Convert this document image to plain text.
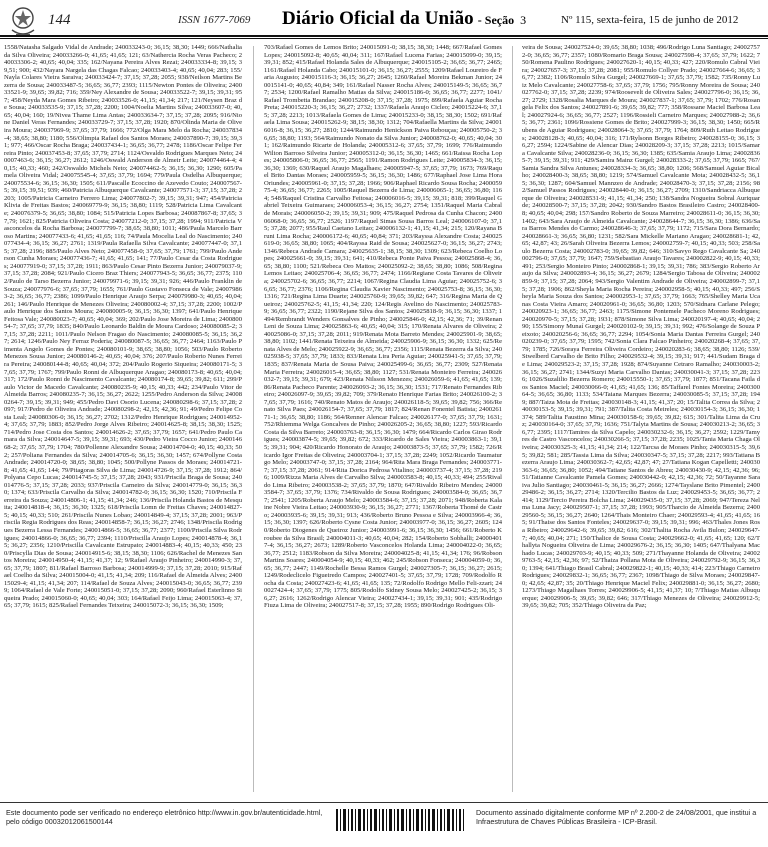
144	ISSN 1677-7069 Diário Oficial da União - Seção 3	Nº 115, sexta-feira, 15 de junho de 2012
1558/Natasha Salgado Vidal de Andrade; 240033243-0; 36,15; 38,30; 1449; 666/Nathalia da Silva Oliveira; 240033266-0; 41,65; 41,65; 121; 63/Nathercia Rocha Veras Pacheco; 240033306-2; 40,65; 40,04; 335; 162/Nayana Pereira Alves Rezai; 240033334-8; 39,15; 39,51; 900; 432/Nayara Nargela das Chagas Falcao; 240033403-4; 40,65; 40,04; 283; 155/Nayla Colares Vieira Saraiva; 240033424-7; 37,15; 37,28; 2055; 938/Neilson Martins Bezerra de Sousa; 240033487-5; 36,65; 36,77; 2393; 1115/Newton Pontes de Oliveira; 240033521-9; 39,65; 39,82; 716; 359/Ney Alexandre de Sousa; 240033522-7; 39,15; 39,31; 957; 458/Neyda Mara Gomes Ribeiro; 240033526-0; 41,15; 41,34; 217; 121/Neysen Braz de Sousa; 240033535-9; 37,15; 37,28; 2200; 1004/Noelia Martins Silva; 240033607-0; 40,65; 40,04; 160; 19/Nivea Thame Lima Antas; 240033634-7; 37,15; 37,28; 2095; 916/Nione Daniel Veras Fernandes; 240033729-7; 37,15; 37,28; 1920; 870/Olinda Maria de Oliveira Moura; 240037969-9; 37,65; 37,79; 1666; 772/Olga Mara Melo da Rocha; 240037834-4; 38,65; 38,80; 1180; 556/Olimpia Rafael dos Santos Moraes; 240037890-7; 39,15; 39,31; 977; 466/Oscar Rocha Braga; 240037434-1; 36,65; 36,77; 2478; 1186/Oscar Felipe Ferreira Pinto; 240037453-8; 37,65; 37,79; 2714; 1124/Osvaldo Rodrigues Marques Neto; 240007463-6; 36,15; 36,27; 2612; 1246/Oswald Anderson de Almeir Leite; 240074464-4; 40,15; 40,33; 460; 242/Oswaldo Michels Neto; 240074462-5; 36,15; 36,30; 1290; 605/Pamela Oliveira Vidal; 240075545-4; 37,65; 37,79; 1694; 779/Paula Osdelha Albuquerque; 240075534-6; 36,15; 36,30; 1505; 611/Pascalle Ecoccino de Azevedo Couto; 240007567-5; 39,15; 39,51; 939; 460/Patricia Albuquerque Cavalcante; 240077571-3; 37,15; 37,28; 2203; 1005/Patricia Carneiro Ferrero Lima; 240077802-7; 39,15; 39,31; 947; 454/Patricia Klivia de Freitas Bastos; 240069779-9; 36,15; 38,80; 1119; 528/Patricia Lima Cavalcante; 240076379-5; 36,65; 38,80; 1084; 515/Patricia Lopes Barbosa; 240087867-8; 37,65; 37,79; 1621; 825/Patricia Oliveira Costa; 240077212-0; 37,15; 37,28; 1994; 911/Patricia Vasconcelos da Rocha Barbosa; 240077799-7; 38,65; 38,80; 1011; 486/Paula Marcelo Barroso Martins; 240077433-6; 41,65; 41,65; 116; 74/Paula Mocelia Leal do Nascimento; 240077434-4; 36,15; 36,27; 2761; 1319/Paula Rafaella Silva Cavalcante; 240077447-0; 37,15; 37,28; 2196; 885/Paulo Alves Neto; 240077458-0; 37,65; 37,79; 1761; 799/Paulo Anderson Cunha Moraes; 240077436-7; 41,65; 41,65; 141; 77/Paulo Cesar da Costa Rodrigues; 240077919-0; 37,15; 37,28; 1911; 863/Paulo Cesar Pinto Bezerra Junior; 240079037-9; 37,15; 37,28; 2084; 921/Paulo Cicero Braz Thiers; 240077943-5; 36,65; 36,77; 2375; 1102/Paulo de Tarso Bezerra Junior; 240079971-6; 39,15; 39,31; 926; 446/Paulo Franklin de Souza; 240077976-6; 37,65; 37,79; 1655; 761/Paulo Gustavo Fonseca de Vale; 240079863-2; 36,65; 36,77; 2386; 1099/Paulo Henrique Araujo Serpa; 240079980-3; 40,65; 40,04; 261; 146/Paulo Henrique de Menezes Oliveira; 240080002-4; 37,15; 37,28; 2200; 1002/Paulo Henrique dos Santos Moura; 240080005-9; 36,15; 36,30; 1397; 641/Paulo Henrique Feitosa Vale; 240080023-7; 40,65; 40,04; 369; 202/Paulo Jose Moreira de Lima; 240080054-7; 37,65; 37,79; 1835; 840/Paulo Leonardo Baldin de Moura Cardoso; 240080085-2; 37,15; 37,28; 2211; 1011/Paulo Nelson Fragao do Nascimento; 240080085-5; 36,15; 36,27; 2614; 1246/Paulo Ney Ferraz Poderia; 240080087-5; 36,65; 36,77; 2464; 1163/Paulo Pimenta Angelo Gomes de Pontes; 240080101-9; 38,65; 38,80; 1056; 503/Paulo Roberto Menezes Sousa Junior; 240080146-2; 40,65; 40,04; 376; 207/Paulo Roberto Nunes Ferreira Pereira; 240080144-8; 40,65; 40,04; 372; 204/Paulo Rogerio Siqueira; 240080171-5; 37,65; 37,79; 1767; 799/Paulo Ronni de Albuquerque Aragao; 240080173-8; 40,65; 40,04; 317; 172/Paulo Ronni de Nascimento Cavalcante; 240080174-8; 39,65; 39,82; 611; 299/Paulo Victor de Macedo Cavalcante; 240080235-9; 40,15; 40,33; 442; 234/Paulo Vitor de Almeida Barros; 240080235-7; 36,15; 36,27; 2622; 1255/Pedro Anderson da Silva; 240080264-7; 39,15; 39,31; 949; 455/Pedro Davi Osorio Lucena; 240080298-6; 37,15; 37,28; 2097; 917/Pedro de Oliveira Andrade; 240080298-2; 42,15; 42,36; 91; 49/Pedro Felipe Costa Leal; 240080306-0; 36,15; 36,27; 2702; 1312/Pedro Henrique Rodrigues; 240014952-4; 37,65; 37,79; 1883; 852/Pedro Jorge Alves Ribeiro; 240014625-8; 38,15; 38,30; 1525; 714/Pedro Jose Costa dos Santos; 240014626-2; 37,65; 37,79; 1657; 641/Pedro Paulo Camara da Silva; 240014647-5; 39,15; 39,31; 693; 430/Pedro Vieira Cocco Junior; 240014668-2; 37,65; 37,79; 1704; 780/Pollenne Alexandre Sousa; 240014704-0; 40,15; 40,33; 502; 257/Poliana Fernandes da Silva; 240014705-6; 36,15; 36,30; 1457; 674/Pollyne Costa Andrade; 240014720-0; 38,65; 38,80; 1045; 500/Pollyne Passos de Moraes; 240014721-8; 41,65; 41,65; 144; 79/Pitagoras Silva de Lima; 240014726-9; 37,15; 37,28; 1912; 864/Polyana Cepo Lucas; 240014745-5; 37,15; 37,28; 2043; 931/Priscila Braga de Sousa; 240014776-5; 37,15; 37,28; 2033; 937/Priscila Carneiro da Silva; 240014779-0; 36,15; 36,30; 1374; 633/Priscila Carvalho da Silva; 240014782-0; 36,15; 36,30; 1520; 710/Priscila Ferreira da Souza; 240014806-1; 41,15; 41,34; 246; 136/Priscila Holanda Bastos de Mesquita; 240014818-4; 36,15; 36,30; 1325; 618/Priscila Lomn de Freitas Chaves; 240014827-5; 40,15; 40,33; 510; 261/Priscila Nunes Lobao; 240014849-4; 37,15; 37,28; 2001; 963/Priscila Regia Rodrigues dos Reas; 240014858-7; 36,15; 36,27; 2746; 1348/Priscila Rodrigues Bezerra Lessa Fernandes; 240014866-5; 36,65; 36,77; 2377; 1100/Priscila Silva Rodrigues; 240014866-0; 36,65; 36,77; 2394; 1110/Priscilla Araujo Lopes; 240014878-4; 36,15; 36,27; 2356; 1210/Priscilla Cavalcante Estrupato; 240014883-4; 40,15; 40,33; 450; 230/Priscylla Dias de Sousa; 240014915-6; 38,15; 38,30; 1106; 626/Rachel de Menezes Santos Moreira; 240014950-4; 41,15; 41,37; 12; 9/Rafael Araujo Pinheiro; 240014990-3; 37,65; 37,79; 1807; 811/Rafael Barroso Barbosa; 240014999-9; 37,15; 37,28; 2010; 915/Rafael Coelho da Silva; 240015004-0; 41,15; 41,34; 209; 116/Rafael de Almeida Alves; 240015029-4; 41,15; 41,34; 207; 114/Rafael de Souza Alves; 240015043-0; 36,65; 36,77; 2399; 1064/Rafael de Vale Forte; 240015051-0; 37,15; 37,28; 2090; 960/Rafael Esterlinno Siqueira Prado; 240015060-0; 40,65; 40,04; 303; 164/Rafael Feijo Lima; 240015063-4; 37,65; 37,79; 1615; 825/Rafael Fernandes Teixeira; 240015072-3; 36,15; 36,30; 1509;
703/Rafael Gomes de Lemos Brito; 240015091-0; 38,15; 38,30; 1448; 667/Rafael Gomes Lopes; 240015092-8; 40,65; 40,04; 311; 167/Rafael Lucena Farias; 240015099-0; 39,15; 39,31; 852; 415/Rafael Holanda Sales de Albuquerque; 240015105-2; 36,65; 36,77; 2465; 1161/Rafael Holanda Cabo; 240015101-0; 36,15; 36,27; 2555; 1209/Rafael Loureiro de Faria Augusto; 240015116-3; 36,15; 36,27; 2645; 1260/Rafael Moreira Bekman Junior; 240015141-0; 40,65; 40,84; 349; 161/Rafael Nasser Rocha Alves; 240015149-5; 36,65; 36,77; 2534; 1200/Rafael Ramalho Matias da Silva; 240015186-0; 36,65; 36,77; 2277; 1041/Rafael Trombetta Brandao; 240015208-0; 37,15; 37,28; 1975; 899/Rafaela Aguiar Rocha Preta; 240015220-3; 36,15; 36,27; 2732; 1337/Rafaela Araujo Cicleo; 240015224-6; 37,15; 37,28; 2213; 1013/Rafaela Gomes de Lima; 240015233-0; 38,15; 38,30; 1502; 691/Rafaela Lima Sousa; 240015262-9; 38,15; 38,30; 1312; 704/Rafaella Martins da Silva; 240016016-8; 36,15; 36,27; 2810; 1244/Raimundo Henickson Paiva Rebouças; 240005750-2; 36,65; 38,80; 1193; 564/Raimundo Nonato da Silva Junior; 240008762-0; 40,65; 40,04; 301; 162/Raimundo Ricarte de Holanda; 240005312-6; 37,65; 37,79; 1699; 776/Raimundo Wilton Barroso Silveira Junior; 240005312-0; 36,15; 36,30; 1465; 661/Raissa Rocha Lopes; 240005806-0; 36,65; 36,77; 2565; 1191/Ramon Rodrigues Leite; 240005834-3; 36,15; 36,30; 1369; 630/Raquel Araujo Magalhaes; 240005947-5; 37,65; 37,79; 1673; 769/Raquel Brito Dantas Moraes; 240005959-5; 36,15; 36,30; 1486; 677/Raphael Jose Lima Hora Oriundes; 240005961-0; 37,15; 37,28; 1966; 906/Raphael Ricardo Sousa Rocha; 240005975-4; 36,65; 36,77; 2265; 1005/Raquel Bezerra de Lima; 240006065-1; 36,65; 36,80; 1164; 548/Raquel Cristina Carvalho Feitosa; 240006016-5; 39,15; 39,31; 818; 399/Raquel Gabriel Teixeira Guimaraes; 240006053-4; 36,15; 36,27; 2754; 1351/Raquel Maria Cabral de Morais; 240006050-2; 39,15; 39,31; 909; 475/Raquel Pedrosa da Cunha Chacon; 240006068-0; 36,65; 36,77; 2526; 1197/Raquel Simas Sousa Barros Leal; 240006107-0; 37,15; 37,28; 2077; 955/Raul Caetano Leitao; 240006132-1; 41,15; 41,34; 215; 120/Rayana Bruni Lima Rocha; 240006172-6; 40,65; 40,84; 371; 203/Rayssa Alexandre Costa; 240025619-0; 36,65; 38,80; 1065; 404/Rayssa Raid de Sousa; 240025627-0; 36,15; 36,27; 2743; 1346/Rebeca Andrade Camara; 240025635-1; 38,15; 38,30; 1309; 623/Rebeca Coelho Lopes; 240025661-0; 39,15; 39,31; 641; 410/Rebeca Ponte Paiva Pessoa; 240025868-4; 36,65; 38,80; 1100; 521/Rebeca Oro Mattos; 240025092-2; 38,65; 38,80; 1086; 508/Regina Lemos Leitao; 240025706-4; 36,65; 36,77; 2474; 1166/Regiane Costa Tavares de Oliveira; 240025702-6; 36,65; 36,77; 2214; 1067/Regina Claudia Lima Aguiar; 240025752-6; 36,65; 36,77; 2376; 1106/Regina Claudia Xavier Nascimento; 240025753-8; 36,15; 36,30; 1316; 721/Regina Lima Duarte; 240025760-9; 39,65; 39,82; 647; 316/Regina Maria de Queiroz; 240025762-5; 41,15; 41,34; 220; 124/Regis Avelino do Nascimento; 240025783-9; 36,65; 36,77; 2322; 1190/Rejane Silva dos Santos; 240025818-9; 36,15; 36,30; 1337; 1494/Rembrandt Wenders Gonsalves de Pinho; 240025846-0; 42,15; 42,36; 71; 39/Renan Leni de Souza Lima; 240025863-6; 40,65; 40,04; 315; 170/Renata Alvares de Oliveira; 240025086-0; 37,15; 37,28; 2011; 919/Renata Mota Barreto Mendes; 240025901-9; 38,65; 38,80; 1102; 1441/Renata Teixeira de Almeida; 240025906-9; 36,15; 36,30; 1332; 625/Renata Alves de Melo; 240025922-9; 36,65; 36,77; 2356; 1115/Renata Bezerra da Silva; 240025938-5; 37,65; 37,79; 1833; 833/Renata Lira Peria Aguiar; 240025941-5; 37,65; 37,79; 1835; 837/Renata Maria de Sousa Paiva; 240025499-6; 36,65; 36,77; 2309; 527/Renata Maria Ferreira; 240026015-4; 36,65; 38,80; 1127; 531/Renata Monteiro Ferreira; 240026032-7; 39,15; 39,31; 679; 423/Renata Nilsson Menezes; 240026059-6; 41,65; 41,65; 139; 86/Renata Pacheco Parente; 240026093-2; 36,15; 36,30; 1531; 717/Renato Fernandes Ribeiro; 240026097-9; 39,65; 39,82; 709; 379/Renato Henrique Farias Brito; 240026100-2; 37,65; 37,79; 1616; 740/Renato Matos de Araujo; 240026118-5; 39,65; 39,82; 756; 366/Renato Silva Paes; 240026154-7; 37,65; 37,79; 1817; 824/Renan Fonentel Batista; 240026171-1; 36,65; 38,80; 1186; 564/Renner Alencar Falcao; 240026177-0; 37,65; 37,79; 1631; 752/Rhiemma Welga Goncalves de Pinho; 240026205-2; 36,65; 38,80; 1227; 593/Ricardo Costa da Silva Barreto; 240003763-8; 36,15; 36,30; 1479; 664/Ricardo Carlos Girao Rodrigues; 240003874-5; 39,65; 39,82; 672; 333/Ricardo de Sales Vieira; 240003863-1; 39,15; 39,31; 904; 420/Ricardo Honorato de Araujo; 240003873-5; 37,65; 37,79; 1582; 726/Ricardo Igor Freitas de Oliveira; 240003704-1; 37,15; 37,28; 2249; 1052/Ricardo Taumaturgo Melo; 240003747-0; 37,15; 37,28; 2164; 964/Rita Mara Braga Fernandes; 240003771-7; 37,15; 37,28; 2061; 914/Rita Dorica Pedrosa Vitalino; 240003737-4; 37,15; 37,28; 2196; 1009/Rizza Maria Alves de Carvalho Silva; 240003583-8; 40,15; 40,33; 494; 255/Rivaldo Lima Ribeiro; 240003538-2; 37,65; 37,79; 1870; 647/Rivaldo Ribeiro Mendes; 240003584-7; 37,65; 37,79; 1376; 734/Rivaldo de Sousa Rodrigues; 240003584-0; 36,65; 36,77; 2541; 1205/Roberta Araujo Melo; 240003584-6; 37,15; 37,28; 2071; 948/Roberta Kalaine Nobre Vieira Leitao; 240003930-9; 36,15; 36,27; 2771; 1367/Roberta Thomé de Castro; 240003935-6; 39,15; 39,31; 913; 436/Roberto Bruno Pessoa e Silva; 240003966-4; 36,15; 36,30; 1397; 626/Roberto Cysne Costa Junior; 240003977-0; 36,15; 36,27; 2605; 1240/Roberto Diogenes de Queiroz Junior; 240003991-6; 36,15; 36,30; 1456; 661/Roberto Kroubee da Silva Brasil; 240004011-3; 40,65; 40,04; 282; 154/Roberto Sobhalli; 240004017-4; 36,15; 36,27; 2673; 1289/Roberto Vasconcelos Holanda Lima; 240004022-0; 36,65; 36,77; 2512; 1183/Robson da Silva Moreira; 240004025-8; 41,15; 41,34; 176; 96/Robson Martins Soares; 240004054-9; 40,15; 40,33; 462; 245/Robson Fonseca; 240004059-0; 36,65; 36,77; 2447; 1149/Rochelle Bessa Ramos Gurgel; 240027305-7; 36,15; 36,27; 2615; 1249/Rodeclicelo Figueiredo Campos; 240027401-5; 37,65; 37,79; 1728; 709/Rodolfo Rocha da Costa; 240027423-6; 41,65; 41,65; 135; 72/Rodolfo Rodrigo Mello Feli-zzari; 240027424-4; 37,65; 37,79; 1775; 805/Rodolfo Sidney Sousa Melo; 240027425-2; 36,15; 36,27; 2616; 1262/Rodrigo Alencar Vieira; 240027434-1; 39,15; 39,31; 901; 435/Rodrigo Fiuza Lima de Oliveira; 240027517-8; 37,15; 37,28; 1955; 890/Rodrigo Rodrigues Oli-
veira de Sousa; 240027524-0; 39,65; 38,80; 1038; 496/Rodrigo Luna Santiago; 240027572-0; 36,65; 36,77; 2357; 1080/Romario Braga Sousa; 240027598-4; 37,65; 37,79; 1622; 750/Romena Paulino Rodrigues; 240027620-1; 40,15; 40,33; 427; 220/Romulo Cabral Vieira; 240027657-3; 37,15; 37,28; 2081; 955/Romulo Collyer Prado; 240027664-6; 36,65; 36,77; 2382; 1106/Romulo Silva Gurgel; 240027669-1; 37,65; 37,79; 1582; 735/Ronny Luiz Melo Cavalcante; 240027758-6; 37,65; 37,79; 1756; 795/Ronny Moreira de Sousa; 240027762-0; 37,15; 37,28; 2239; 974/Roosevelt de Oliveira Sales; 240027796-0; 36,15; 36,27; 2729; 1328/Rosalia Marques de Moura; 240027837-1; 37,65; 37,79; 1702; 776/Rosangela Felix dos Santos; 240027891-6; 39,65; 39,82; 777; 358/Rossane Maciel Barbosa Leal; 240027924-6; 36,65; 36,77; 2527; 1196/Rossieli Carneiro Marques; 240027988-2; 36,65; 36,77; 2361; 1096/Rossiene Gomes de Brito; 240027999-3; 36,15; 38,30; 1450; 665/Rubens de Aguiar Rodrigues; 240028064-3; 37,65; 37,79; 1764; 809/Ruth Leitao Rodrigues; 240028128-3; 40,65; 40,04; 316; 171/Rylsonn Borges Ribeiro; 240028155-0; 36,15; 36,27; 2594; 1224/Sabine de Alencar Dias; 240028209-3; 37,15; 37,28; 2213; 1015/Samara Cavalcante Silva; 240028236-0; 36,15; 36,30; 1385; 635/Samia Araujo Lima; 240028365-7; 39,15; 39,31; 911; 429/Samira Mainz Gurgel; 240028333-2; 37,65; 37,79; 1665; 767/Samia Sandra Silva Antunes; 240028334-3; 36,65; 38,80; 1206; 568/Samuel Aguiar Bicalho; 240028400-3; 38,65; 38,80; 1219; 574/Samuel Cavalcante Mota; 240028432-5; 36,15; 36,30; 1287; 604/Samuel Mannzeo de Andrade; 240028470-3; 37,15; 37,28; 2156; 982/Samuel Passos Rodrigues; 240028440-0; 36,15; 36,27; 2709; 1310/Sandriacca Albuquerque de Oliveira; 240028531-9; 41,15; 41,34; 250; 138/Sandra Nogueira Sobral Auriquarde; 240028500-7; 37,15; 37,28; 2042; 930/Sandro Bastos Brasileiro Castro; 240028400-8; 40,65; 40,04; 298; 157/Sandro Roberto de Souza Marreiro; 240028611-0; 36,15; 36,30; 1402; 643/Sara Araujo de Almeida Cavalcante; 240028644-7; 36,15; 36,30; 1386; 636/Sara Barros Mendes do Carmo; 240028646-3; 37,65; 37,79; 1172; 715/Sara Dora Bernardo; 240028661-3; 36,65; 36,80; 1231; 582/Sara Mickelle Mariano Aragao; 240028681-1; 42,65; 42,87; 43; 26/Sarah Oliveira Bezerra Lemos; 240002759-7; 40,15; 40,33; 503; 258/Saulo Bezerra Costa; 240002783-0; 39,65; 39,82; 646; 310/Savyo Rego Cavalcante Sa; 240002796-0; 37,65; 37,79; 1647; 759/Sebastiao Araujo Tavares; 240002822-9; 40,15; 40,33; 491; 253/Sergio Monteiro Pinto; 240002868-1; 39,15; 39,31; 786; 383/Sergio Roberto Araujo da Silva; 240002893-4; 36,15; 36,27; 2679; 1284/Sergio Tabosa de Oliveira; 240002859-9; 37,15; 37,28; 2064; 943/Sergio Valentim Andrade de Oliveira; 240002899-7; 37,15; 37,28; 1906; 862/Sheyla Maria Rocha Pereira; 240002958-5; 40,15; 40,33; 497; 256/Sheyla Maria Souza dos Santos; 240002953-1; 37,65; 37,79; 1663; 765/Shelley Maria Ucanas Costa Vieira Amaro; 240020961-0; 36,65; 36,80; 1203; 570/Sidnara Carlane Pelego; 240020923-1; 36,65; 36,77; 2463; 1175/Simone Pontemele Pacheco Moreno Rodrigues; 240020970-5; 37,15; 37,28; 1931; 878/Simone Silva Lima; 240020197-4; 40,65; 40,04; 290; 155/Simony Munaí Gurgel; 240020102-9; 39,15; 39,31; 992; 476/Solange de Souza Peixoto; 240020256-6; 36,65; 36,77; 2294; 1054/Sonia Maria Dantas Ferreira Gurgel; 240020239-0; 37,65; 37,79; 1595; 742/Sonia Clara Falcao Pinheiro; 240020268-4; 37,65; 37,79; 1785; 726/Soraya Ferreira Oliveira Cordeiro; 240020283-6; 38,65; 38,80; 1126; 539/Stwelberd Carvalho de Brito Filho; 240029532-4; 39,15; 39,31; 917; 441/Sudam Braga de Lima; 240029523-2; 37,15; 37,28; 1928; 874/Suyanne Cetraro Ramalho; 240030003-2; 36,15; 36,27; 2741; 1344/Suzyi Maria Carvalho Dantas; 240030041-3; 37,15; 37,28; 2236; 1026/Suzalilio Bezerra Romero; 240015550-1; 37,65; 37,79; 1877; 851/Tacana Faila dos Santos Maciel; 240030066-0; 41,65; 41,65; 136; 85/Taffarel Fontes Moreira; 240030064-5; 36,65; 36,80; 1133; 534/Taiana Marques Bezerra; 240030085-5; 37,15; 37,28; 1949; 887/Taiza Mota de Freitas; 240030148-3; 41,15; 41,37; 20; 15/Talita Correa da Silva; 240030153-5; 39,15; 39,31; 791; 387/Talita Costa Meireles; 240030154-3; 36,15; 36,30; 1374; 589/Talita Faustino Mina; 240030158-6; 39,65; 39,82; 615; 301/Talita Lima da Cruz; 240030164-0; 37,65; 37,79; 1636; 751/Talyta Martins de Sousa; 240030213-2; 36,65; 36,77; 2395; 1117/Tamires da Silva Capelo; 240030232-6; 36,15; 36,27; 2592; 1229/Tamyres de Castro Vasconcelos; 240030266-5; 37,15; 37,28; 2235; 1025/Tania Maria Chaga Oliveira; 240030325-3; 41,15; 41,34; 214; 122/Tarcsa de Moraes Pinho; 240030315-5; 39,65; 39,82; 581; 285/Tassia Lima da Silva; 240030347-5; 37,15; 37,28; 2217; 993/Tatiana Bezerra Araujo Lima; 240030362-7; 42,65; 42,87; 47; 27/Tatiana Kogan Capelletti; 240030363-6; 36,65; 36,80; 1052; 494/Tatiane Santos de Abreu; 240030430-9; 42,15; 42,36; 96; 51/Tatianne Cavalcante Pamela Gomes; 240030442-0; 42,15; 42,36; 72; 50/Tayanne Saraiva Julio Santiago; 240030461-5; 36,15; 36,27; 2666; 1274/Tayslane Brito Pimentel; 240029486-2; 36,15; 36,27; 2714; 1320/Tercilio Bastos da Luz; 240029453-5; 36,65; 36,77; 2414; 1129/Tercio Pereira Bolcha Lima; 240029435-0; 37,15; 37,28; 2069; 947/Tereza Nelma Luna Jacy; 240029507-1; 37,15; 37,28; 1993; 905/Tharcio de Almeida Bezerra; 240029560-5; 36,15; 36,27; 2640; 1264/Thais Monteiro Chaer; 240029593-4; 41,65; 41,65; 165; 91/Thaise dos Santos Fonteles; 240029637-0; 39,15; 39,31; 996; 463/Thales Jones Rosa Ribeiro; 240029642-6; 39,65; 39,82; 616; 302/Thalita Rocha Avila Bulon; 240029647-7; 40,65; 40,04; 271; 150/Thalice de Sousa Costa; 240029662-0; 41,65; 41,65; 120; 62/Thallyta Nogueira Oliveira de Lima; 240029676-2; 36,15; 36,30; 1405; 647/Thalyana Machado Lucas; 240029703-9; 40,15; 40,33; 509; 271/Thayanne Holanda de Oliveira; 240029763-5; 42,15; 42,36; 97; 52/Thaiza Pollana Mota de Oliveira; 240029792-9; 36,15; 36,30; 1394; 641/Thiago Brasil Cabral; 240029822-1; 40,15; 40,33; 414; 223/Thiago Carneiro Rodrigues; 240029832-1; 36,65; 36,77; 2367; 1098/Thiago de Silva Moraes; 240029847-0; 42,65; 42,87; 35; 20/Thiago Henrique Maciel Felix; 240029881-0; 36,15; 36,27; 2680; 1273/Thiago Magalhaes Torres; 240029906-5; 41,15; 41,37; 10; 7/Thiago Matias Albuquerque; 240029906-5; 39,65; 39,82; 646; 317/Thiago Menezes de Oliveira; 240029912-5; 39,65; 39,82; 705; 352/Thiago Oliveira da Paz;
Este documento pode ser verificado no endereço eletrônico http://www.in.gov.br/autenticidade.html,
pelo código 00032012061500144
Documento assinado digitalmente conforme MP nº 2.200-2 de 24/08/2001, que institui a
Infraestrutura de Chaves Públicas Brasileira - ICP-Brasil.
